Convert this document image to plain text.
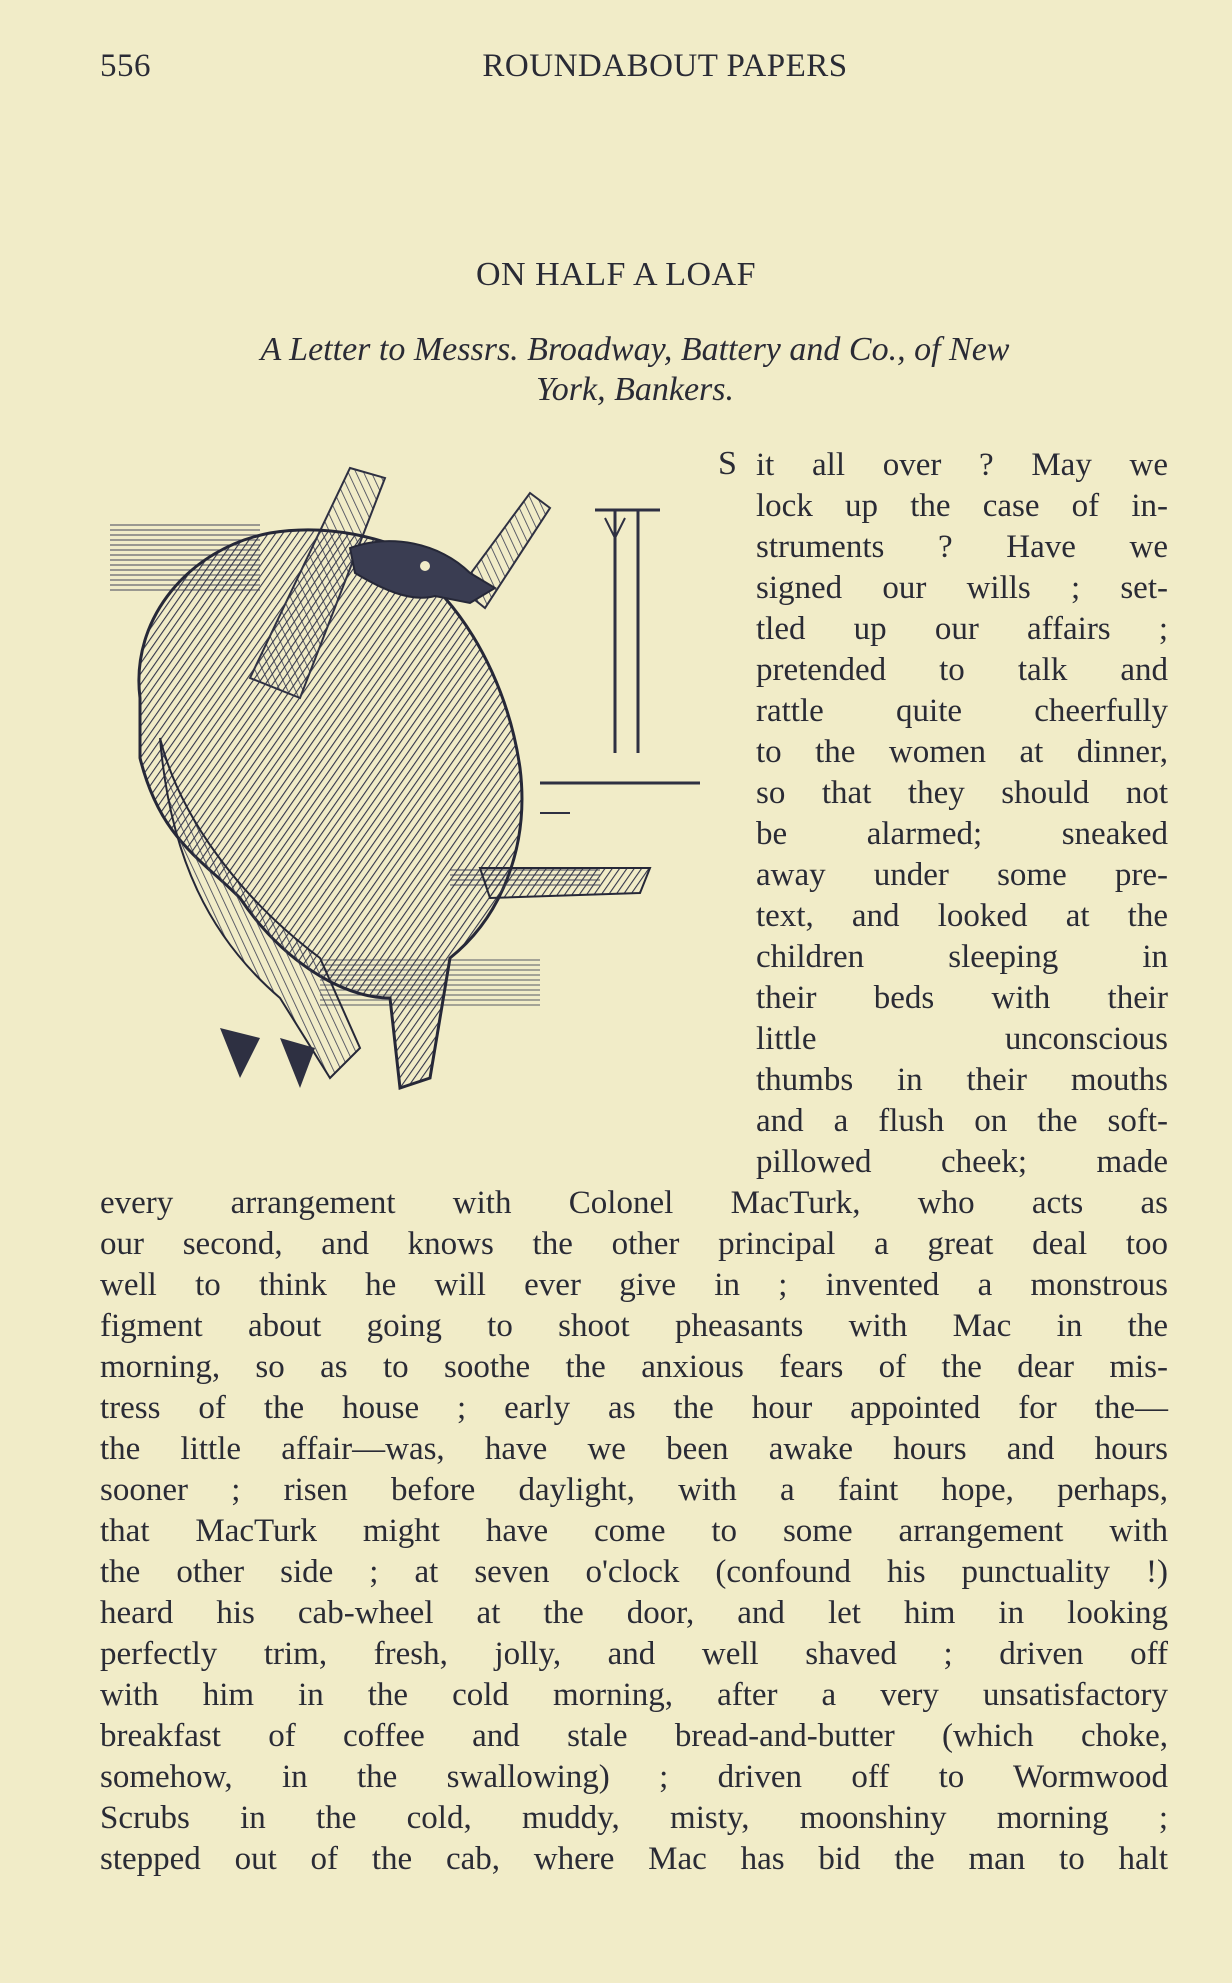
556	ROUNDABOUT PAPERS
ON HALF A LOAF
A Letter to Messrs. Broadway, Battery and Co., of New
York, Bankers.
S it all over ? May we
lock up the case of in-
struments ? Have we
signed our wills ; set-
tled up our affairs ;
pretended to talk and
rattle quite cheerfully
to the women at dinner,
so that they should not
be alarmed; sneaked
away under some pre-
text, and looked at the
children sleeping in
their beds with their
little unconscious
thumbs in their mouths
and a flush on the soft-
pillowed cheek; made
every arrangement with Colonel MacTurk, who acts as
our second, and knows the other principal a great deal too
well to think he will ever give in ; invented a monstrous
figment about going to shoot pheasants with Mac in the
morning, so as to soothe the anxious fears of the dear mis-
tress of the house ; early as the hour appointed for the—
the little affair—was, have we been awake hours and hours
sooner ; risen before daylight, with a faint hope, perhaps,
that MacTurk might have come to some arrangement with
the other side ; at seven o'clock (confound his punctuality !)
heard his cab-wheel at the door, and let him in looking
perfectly trim, fresh, jolly, and well shaved ; driven off
with him in the cold morning, after a very unsatisfactory
breakfast of coffee and stale bread-and-butter (which choke,
somehow, in the swallowing) ; driven off to Wormwood
Scrubs in the cold, muddy, misty, moonshiny morning ;
stepped out of the cab, where Mac has bid the man to halt
